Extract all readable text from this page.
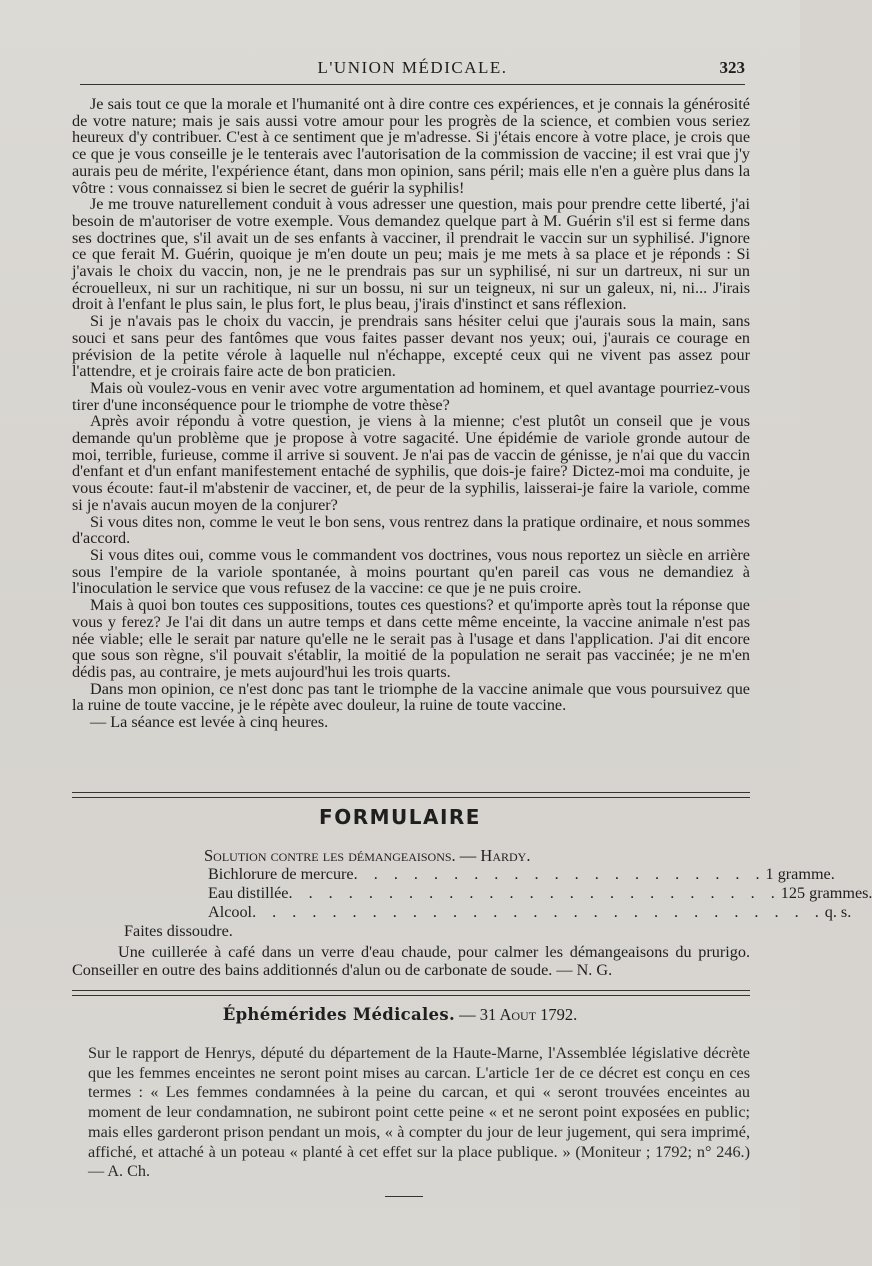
L'UNION MÉDICALE.	323

Je sais tout ce que la morale et l'humanité ont à dire contre ces expériences, et je connais la générosité de votre nature; mais je sais aussi votre amour pour les progrès de la science, et combien vous seriez heureux d'y contribuer. C'est à ce sentiment que je m'adresse. Si j'étais encore à votre place, je crois que ce que je vous conseille je le tenterais avec l'autorisation de la commission de vaccine; il est vrai que j'y aurais peu de mérite, l'expérience étant, dans mon opinion, sans péril; mais elle n'en a guère plus dans la vôtre : vous connaissez si bien le secret de guérir la syphilis!

Je me trouve naturellement conduit à vous adresser une question, mais pour prendre cette liberté, j'ai besoin de m'autoriser de votre exemple. Vous demandez quelque part à M. Guérin s'il est si ferme dans ses doctrines que, s'il avait un de ses enfants à vacciner, il prendrait le vaccin sur un syphilisé. J'ignore ce que ferait M. Guérin, quoique je m'en doute un peu; mais je me mets à sa place et je réponds : Si j'avais le choix du vaccin, non, je ne le prendrais pas sur un syphilisé, ni sur un dartreux, ni sur un écrouelleux, ni sur un rachitique, ni sur un bossu, ni sur un teigneux, ni sur un galeux, ni, ni... J'irais droit à l'enfant le plus sain, le plus fort, le plus beau, j'irais d'instinct et sans réflexion.

Si je n'avais pas le choix du vaccin, je prendrais sans hésiter celui que j'aurais sous la main, sans souci et sans peur des fantômes que vous faites passer devant nos yeux; oui, j'aurais ce courage en prévision de la petite vérole à laquelle nul n'échappe, excepté ceux qui ne vivent pas assez pour l'attendre, et je croirais faire acte de bon praticien.

Mais où voulez-vous en venir avec votre argumentation ad hominem, et quel avantage pourriez-vous tirer d'une inconséquence pour le triomphe de votre thèse?

Après avoir répondu à votre question, je viens à la mienne; c'est plutôt un conseil que je vous demande qu'un problème que je propose à votre sagacité. Une épidémie de variole gronde autour de moi, terrible, furieuse, comme il arrive si souvent. Je n'ai pas de vaccin de génisse, je n'ai que du vaccin d'enfant et d'un enfant manifestement entaché de syphilis, que dois-je faire? Dictez-moi ma conduite, je vous écoute: faut-il m'abstenir de vacciner, et, de peur de la syphilis, laisserai-je faire la variole, comme si je n'avais aucun moyen de la conjurer?

Si vous dites non, comme le veut le bon sens, vous rentrez dans la pratique ordinaire, et nous sommes d'accord.

Si vous dites oui, comme vous le commandent vos doctrines, vous nous reportez un siècle en arrière sous l'empire de la variole spontanée, à moins pourtant qu'en pareil cas vous ne demandiez à l'inoculation le service que vous refusez de la vaccine: ce que je ne puis croire.

Mais à quoi bon toutes ces suppositions, toutes ces questions? et qu'importe après tout la réponse que vous y ferez? Je l'ai dit dans un autre temps et dans cette même enceinte, la vaccine animale n'est pas née viable; elle le serait par nature qu'elle ne le serait pas à l'usage et dans l'application. J'ai dit encore que sous son règne, s'il pouvait s'établir, la moitié de la population ne serait pas vaccinée; je ne m'en dédis pas, au contraire, je mets aujourd'hui les trois quarts.

Dans mon opinion, ce n'est donc pas tant le triomphe de la vaccine animale que vous poursuivez que la ruine de toute vaccine, je le répète avec douleur, la ruine de toute vaccine.

— La séance est levée à cinq heures.

FORMULAIRE
Solution contre les démangeaisons. — Hardy.
Bichlorure de mercure . . . . . . . . . . . . . . . . . . . . . 1 gramme.
Eau distillée . . . . . . . . . . . . . . . . . . . . . . . . . 125 grammes.
Alcool . . . . . . . . . . . . . . . . . . . . . . . . . . . . . q. s.
Faites dissoudre.
Une cuillerée à café dans un verre d'eau chaude, pour calmer les démangeaisons du prurigo. Conseiller en outre des bains additionnés d'alun ou de carbonate de soude. — N. G.
Éphémérides Médicales. — 31 Aout 1792.

Sur le rapport de Henrys, député du département de la Haute-Marne, l'Assemblée législative décrète que les femmes enceintes ne seront point mises au carcan. L'article 1er de ce décret est conçu en ces termes : « Les femmes condamnées à la peine du carcan, et qui « seront trouvées enceintes au moment de leur condamnation, ne subiront point cette peine « et ne seront point exposées en public; mais elles garderont prison pendant un mois, « à compter du jour de leur jugement, qui sera imprimé, affiché, et attaché à un poteau « planté à cet effet sur la place publique. » (Moniteur ; 1792; n° 246.) — A. Ch.
